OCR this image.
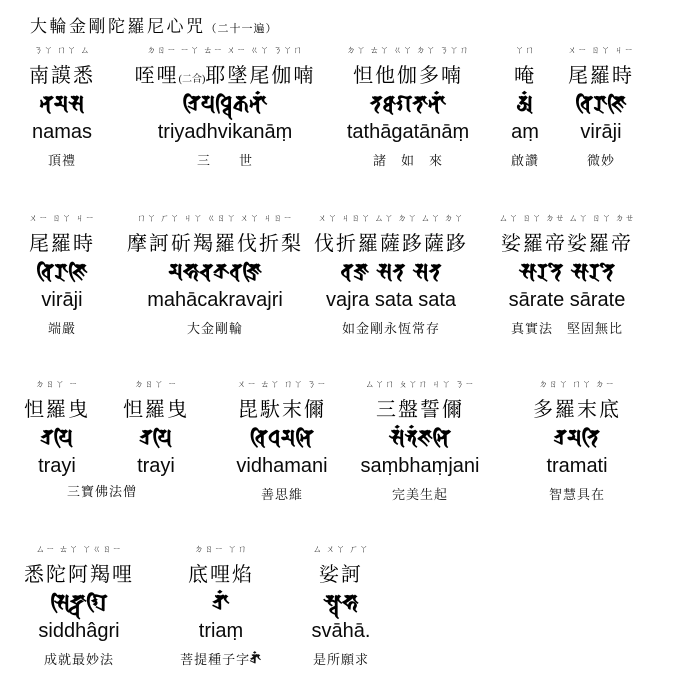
大輪金剛陀羅尼心咒（二十一遍）
ㄋㄚ ㄇㄚ ㄙ
南謨悉
𑖡𑖦𑖭
namas
頂禮
ㄉㄖㄧ ㄧㄚ ㄊㄧ ㄨㄧ ㄍㄚ ㄋㄚㄇ
咥哩(二合)耶墜尾伽喃
𑖝𑖿𑖨𑖰𑖧𑖠𑖿𑖪𑖰𑖎𑖡𑖯𑖽
triyadhvikanāṃ
三　　世
ㄉㄚ ㄊㄚ ㄍㄚ ㄉㄚ ㄋㄚㄇ
怛他伽多喃
𑖝𑖞𑖯𑖐𑖝𑖯𑖡𑖯𑖽
tathāgatānāṃ
諸　如　來
ㄚㄇ
唵
𑖀𑖽
aṃ
啟讚
ㄨㄧ ㄖㄚ ㄐㄧ
尾羅時
𑖪𑖰𑖨𑖯𑖕𑖰
virāji
微妙
ㄨㄧ ㄖㄚ ㄐㄧ
尾羅時
𑖪𑖰𑖨𑖯𑖕𑖰
virāji
端嚴
ㄇㄚ ㄏㄚ ㄐㄚ ㄍㄖㄚ ㄨㄚ ㄐㄖㄧ
摩訶斫羯羅伐折梨
𑖦𑖮𑖯𑖓𑖎𑖿𑖨𑖪𑖕𑖿𑖨𑖰
mahācakravajri
大金剛輪
ㄨㄚ ㄐㄖㄚ ㄙㄚ ㄉㄚ ㄙㄚ ㄉㄚ
伐折羅薩跢薩跢
𑖪𑖕𑖿𑖨 𑖭𑖝 𑖭𑖝
vajra sata sata
如金剛永恆常存
ㄙㄚ ㄖㄚ ㄉㄝ ㄙㄚ ㄖㄚ ㄉㄝ
娑羅帝娑羅帝
𑖭𑖯𑖨𑖝𑖸 𑖭𑖯𑖨𑖝𑖸
sārate sārate
真實法　堅固無比
ㄉㄖㄚ ㄧ
怛羅曳
𑖝𑖿𑖨𑖧𑖰
trayi
ㄉㄖㄚ ㄧ
怛羅曳
𑖝𑖿𑖨𑖧𑖰
trayi
三寶佛法僧
ㄨㄧ ㄊㄚ ㄇㄚ ㄋㄧ
毘馱末儞
𑖪𑖰𑖠𑖦𑖡𑖰
vidhamani
善思維
ㄙㄚㄇ ㄆㄚㄇ ㄐㄚ ㄋㄧ
三盤誓儞
𑖭𑖽𑖥𑖽𑖕𑖡𑖰
saṃbhaṃjani
完美生起
ㄉㄖㄚ ㄇㄚ ㄉㄧ
多羅末底
𑖝𑖿𑖨𑖦𑖝𑖰
tramati
智慧具在
ㄙㄧ ㄊㄚ ㄚㄍㄖㄧ
悉陀阿羯哩
𑖭𑖰𑖟𑖿𑖠𑖯𑖐𑖿𑖨𑖰
siddhâgri
成就最妙法
ㄉㄖㄧ ㄚㄇ
底哩焰
𑖝𑖿𑖨𑖯𑖽
triaṃ
菩提種子字𑖝𑖿𑖨𑖯𑖽
ㄙ ㄨㄚ ㄏㄚ
娑訶
𑖭𑖿𑖪𑖯𑖮𑖯
svāhā.
是所願求
